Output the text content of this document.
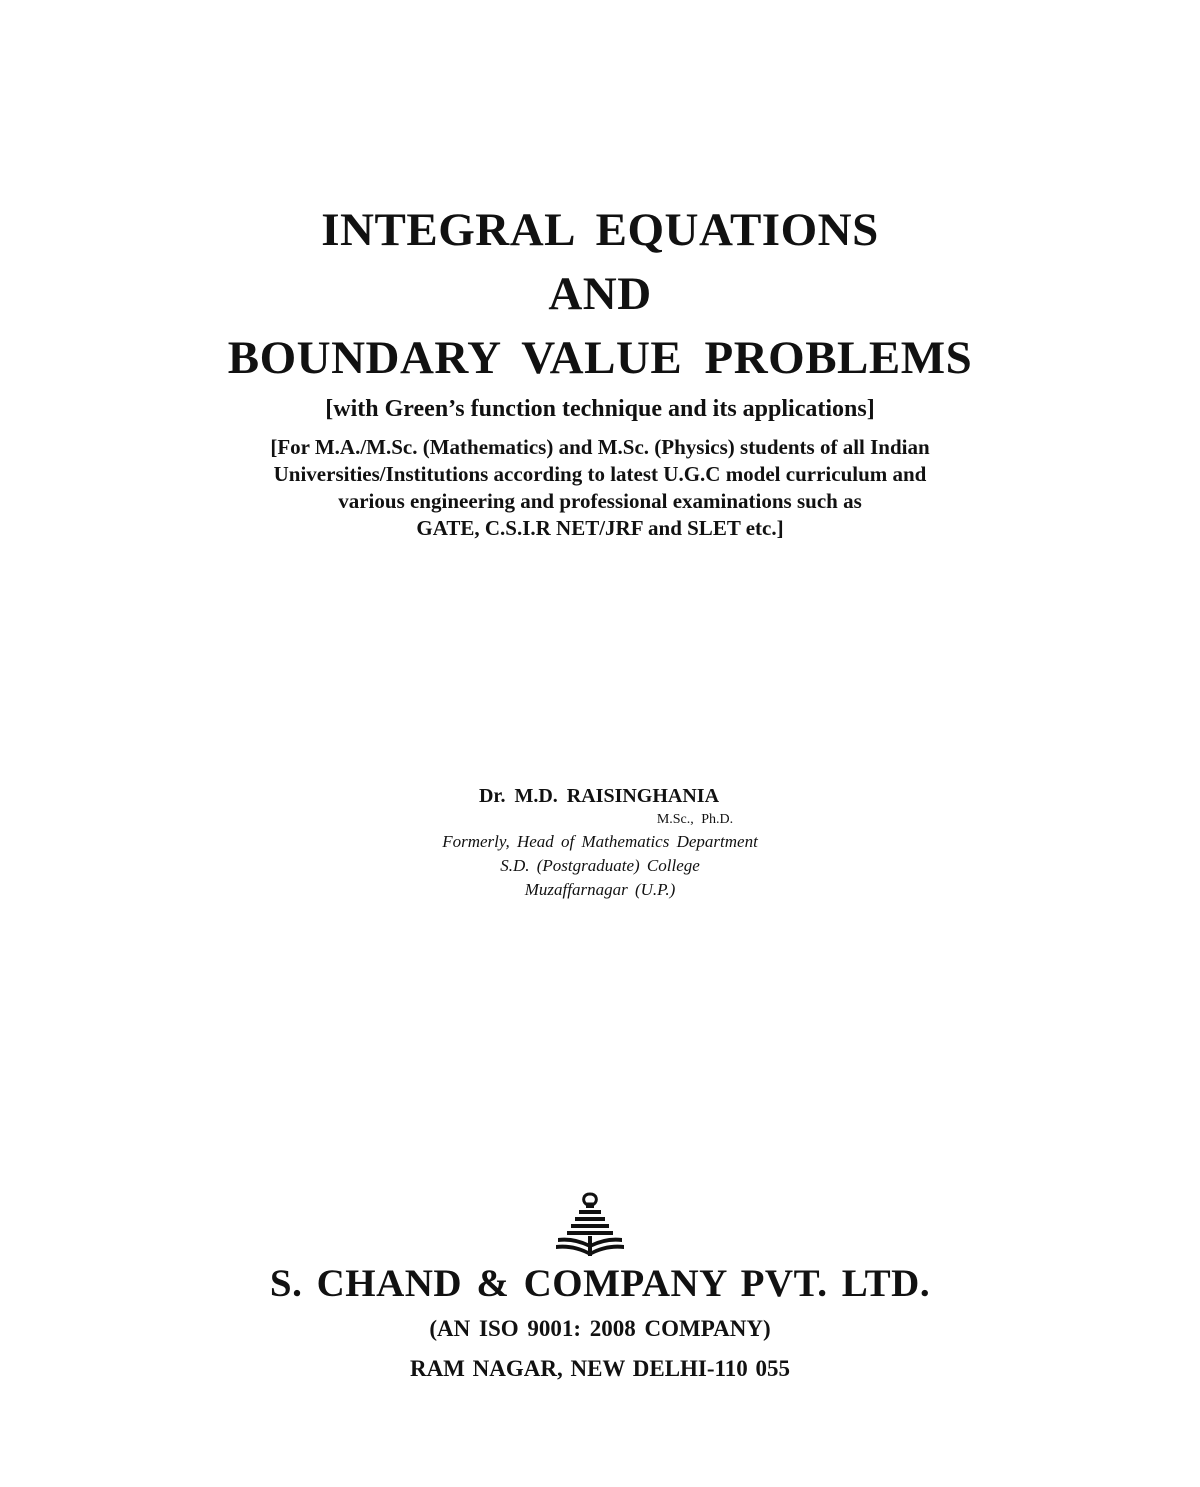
INTEGRAL EQUATIONS
AND
BOUNDARY VALUE PROBLEMS
[with Green’s function technique and its applications]
[For M.A./M.Sc. (Mathematics) and M.Sc. (Physics) students of all Indian
Universities/Institutions according to latest U.G.C model curriculum and
various engineering and professional examinations such as
GATE, C.S.I.R NET/JRF and SLET etc.]
Dr. M.D. RAISINGHANIA
M.Sc., Ph.D.
Formerly, Head of Mathematics Department
S.D. (Postgraduate) College
Muzaffarnagar (U.P.)
S. CHAND & COMPANY PVT. LTD.
(AN ISO 9001: 2008 COMPANY)
RAM NAGAR, NEW DELHI-110 055
